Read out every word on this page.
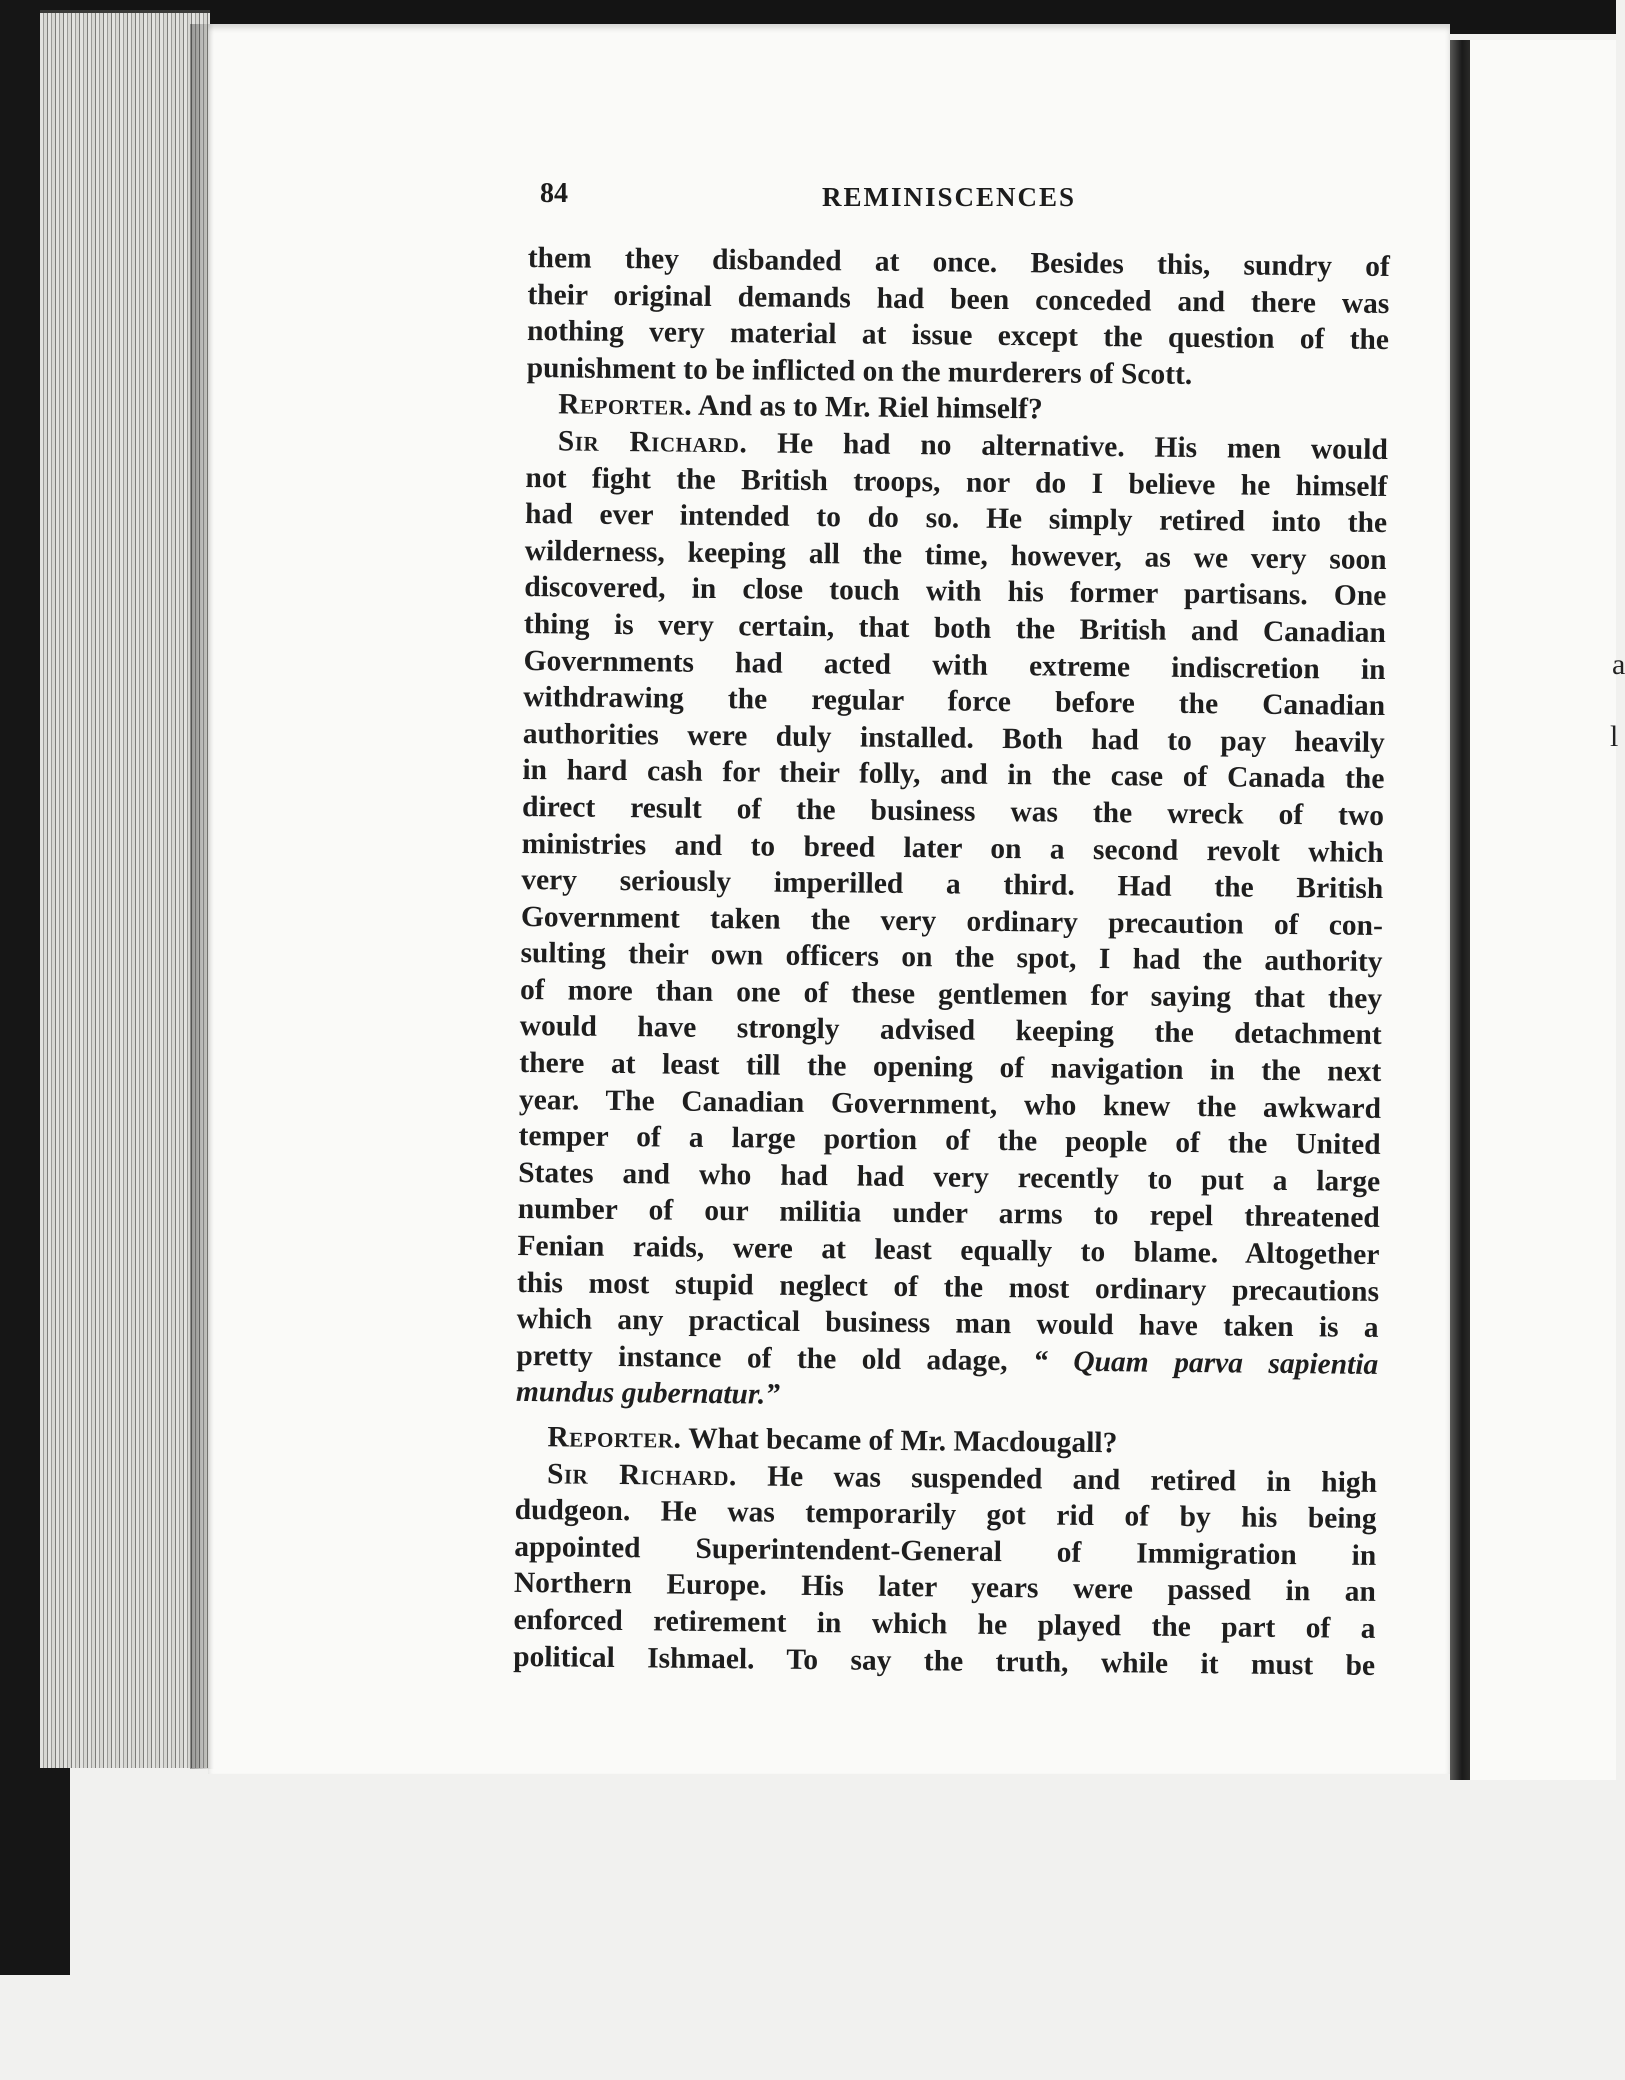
a
l
84	REMINISCENCES
them they disbanded at once. Besides this, sundry of
their original demands had been conceded and there was
nothing very material at issue except the question of the
punishment to be inflicted on the murderers of Scott.
Reporter. And as to Mr. Riel himself?
Sir Richard. He had no alternative. His men would
not fight the British troops, nor do I believe he himself
had ever intended to do so. He simply retired into the
wilderness, keeping all the time, however, as we very soon
discovered, in close touch with his former partisans. One
thing is very certain, that both the British and Canadian
Governments had acted with extreme indiscretion in
withdrawing the regular force before the Canadian
authorities were duly installed. Both had to pay heavily
in hard cash for their folly, and in the case of Canada the
direct result of the business was the wreck of two
ministries and to breed later on a second revolt which
very seriously imperilled a third. Had the British
Government taken the very ordinary precaution of con-
sulting their own officers on the spot, I had the authority
of more than one of these gentlemen for saying that they
would have strongly advised keeping the detachment
there at least till the opening of navigation in the next
year. The Canadian Government, who knew the awkward
temper of a large portion of the people of the United
States and who had had very recently to put a large
number of our militia under arms to repel threatened
Fenian raids, were at least equally to blame. Altogether
this most stupid neglect of the most ordinary precautions
which any practical business man would have taken is a
pretty instance of the old adage, “ Quam parva sapientia
mundus gubernatur.”
Reporter. What became of Mr. Macdougall?
Sir Richard. He was suspended and retired in high
dudgeon. He was temporarily got rid of by his being
appointed Superintendent-General of Immigration in
Northern Europe. His later years were passed in an
enforced retirement in which he played the part of a
political Ishmael. To say the truth, while it must be
